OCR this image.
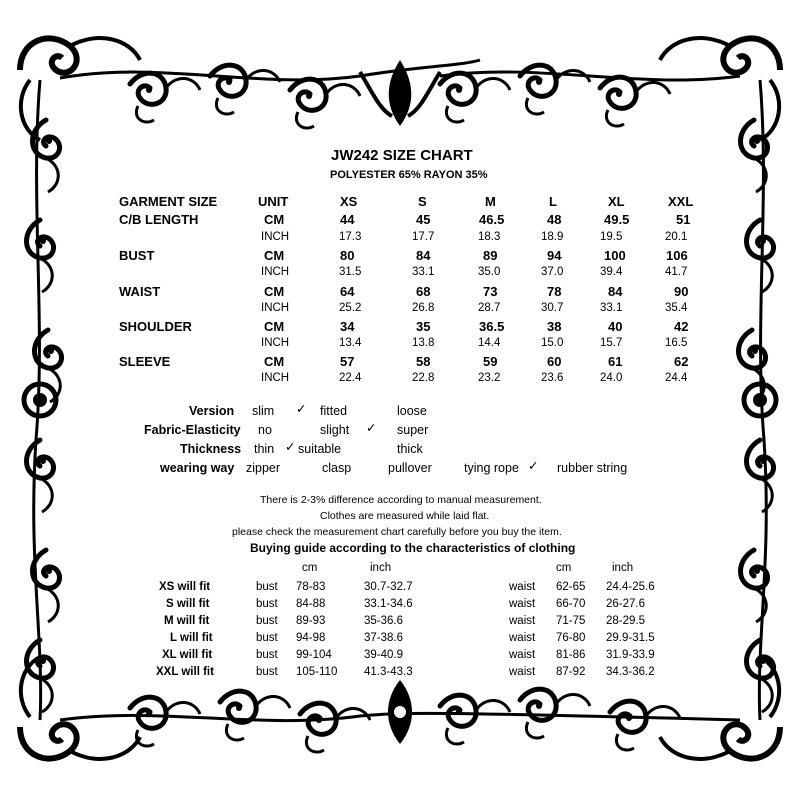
JW242 SIZE CHART
POLYESTER 65% RAYON 35%
GARMENT SIZE	UNIT	XS	S	M	L	XL	XXL
C/B LENGTH	CM	44	45	46.5	48	49.5	51
INCH	17.3	17.7	18.3	18.9	19.5	20.1
BUST	CM	80	84	89	94	100	106
INCH	31.5	33.1	35.0	37.0	39.4	41.7
WAIST	CM	64	68	73	78	84	90
INCH	25.2	26.8	28.7	30.7	33.1	35.4
SHOULDER	CM	34	35	36.5	38	40	42
INCH	13.4	13.8	14.4	15.0	15.7	16.5
SLEEVE	CM	57	58	59	60	61	62
INCH	22.4	22.8	23.2	23.6	24.0	24.4
Version slim ✓ fitted	loose
Fabric-Elasticity no	slight ✓ super
Thickness thin ✓ suitable	thick
wearing way zipper	clasp	pullover	tying rope ✓ rubber string
There is 2-3% difference according to manual measurement.
Clothes are measured while laid flat.
please check the measurement chart carefully before you buy the item.
Buying guide according to the characteristics of clothing
cm	inch	cm	inch
XS will fit	bust 78-83	30.7-32.7	waist 62-65 24.4-25.6
S will fit	bust 84-88	33.1-34.6	waist 66-70 26-27.6
M will fit	bust 89-93	35-36.6	waist 71-75 28-29.5
L will fit	bust 94-98	37-38.6	waist 76-80 29.9-31.5
XL will fit	bust 99-104	39-40.9	waist 81-86 31.9-33.9
XXL will fit	bust 105-110 41.3-43.3	waist 87-92 34.3-36.2
